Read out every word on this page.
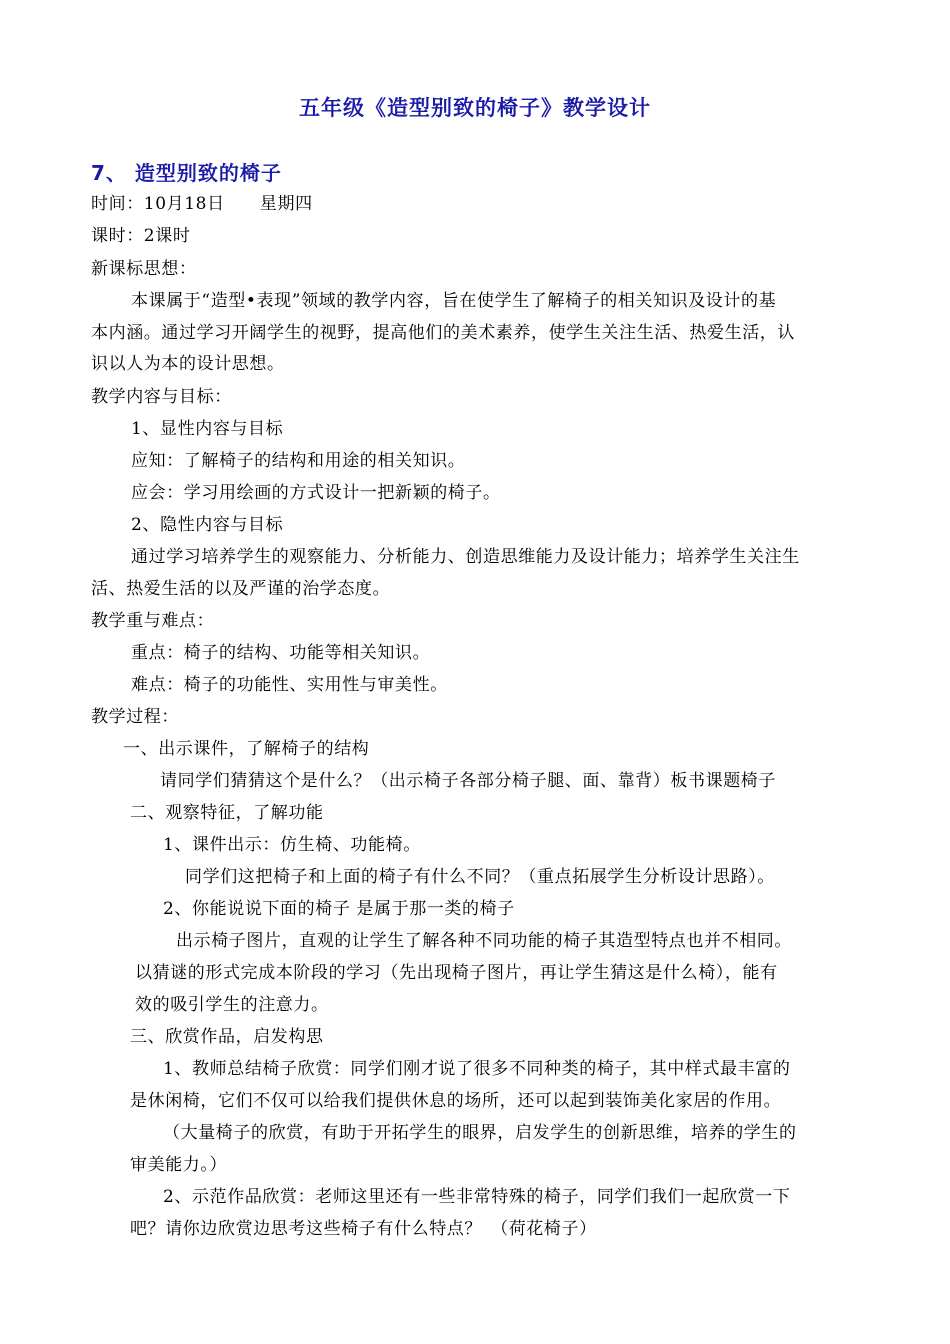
五年级《造型别致的椅子》教学设计
7、 造型别致的椅子
时间：10月18日　　星期四
课时：2课时
新课标思想：
本课属于“造型•表现”领域的教学内容，旨在使学生了解椅子的相关知识及设计的基
本内涵。通过学习开阔学生的视野，提高他们的美术素养，使学生关注生活、热爱生活，认
识以人为本的设计思想。
教学内容与目标：
1、显性内容与目标
应知：了解椅子的结构和用途的相关知识。
应会：学习用绘画的方式设计一把新颖的椅子。
2、隐性内容与目标
通过学习培养学生的观察能力、分析能力、创造思维能力及设计能力；培养学生关注生
活、热爱生活的以及严谨的治学态度。
教学重与难点：
重点：椅子的结构、功能等相关知识。
难点：椅子的功能性、实用性与审美性。
教学过程：
一、出示课件，了解椅子的结构
请同学们猜猜这个是什么？（出示椅子各部分椅子腿、面、靠背）板书课题椅子
二、观察特征，了解功能
1、课件出示：仿生椅、功能椅。
同学们这把椅子和上面的椅子有什么不同？（重点拓展学生分析设计思路）。
2、你能说说下面的椅子 是属于那一类的椅子
出示椅子图片，直观的让学生了解各种不同功能的椅子其造型特点也并不相同。
以猜谜的形式完成本阶段的学习（先出现椅子图片，再让学生猜这是什么椅），能有
效的吸引学生的注意力。
三、欣赏作品，启发构思
1、教师总结椅子欣赏：同学们刚才说了很多不同种类的椅子，其中样式最丰富的
是休闲椅，它们不仅可以给我们提供休息的场所，还可以起到装饰美化家居的作用。
（大量椅子的欣赏，有助于开拓学生的眼界，启发学生的创新思维，培养的学生的
审美能力。）
2、示范作品欣赏：老师这里还有一些非常特殊的椅子，同学们我们一起欣赏一下
吧？请你边欣赏边思考这些椅子有什么特点？　（荷花椅子）
